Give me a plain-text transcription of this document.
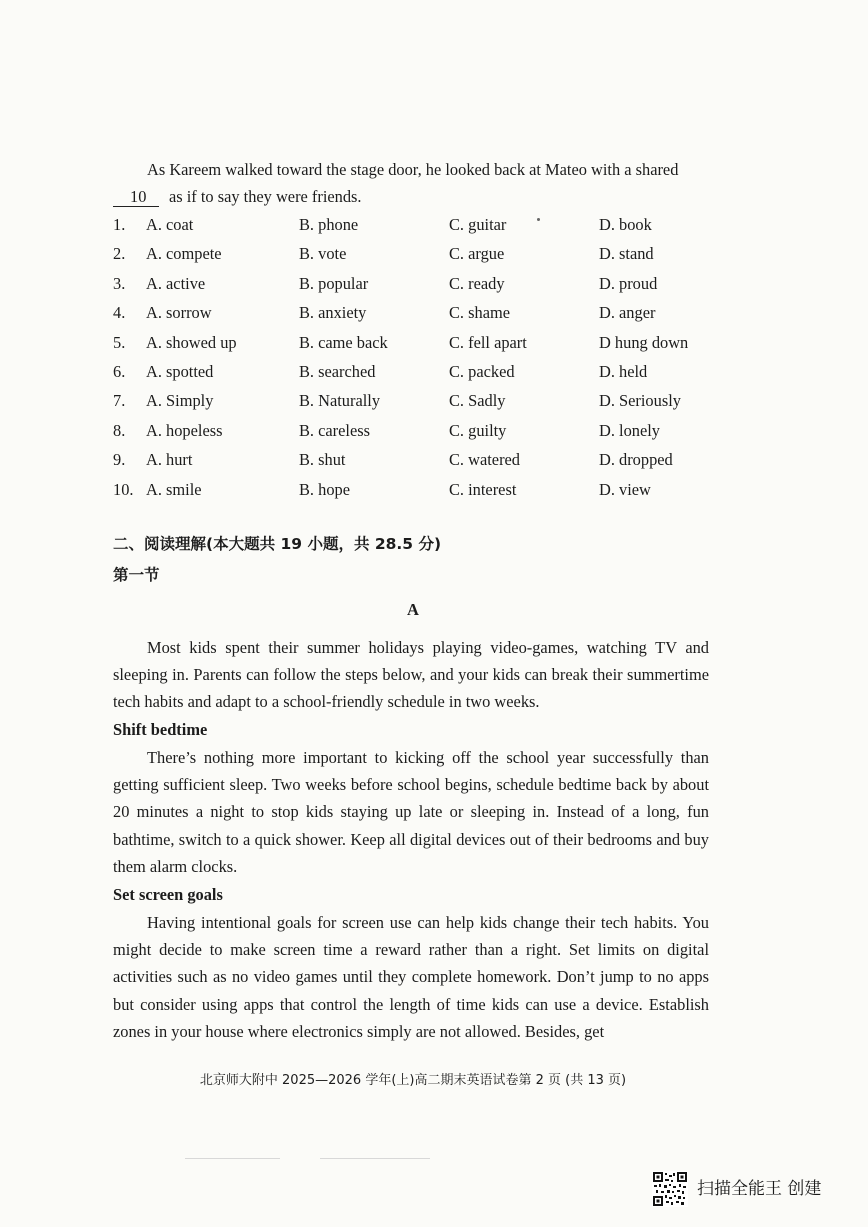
As Kareem walked toward the stage door, he looked back at Mateo with a shared
10 as if to say they were friends.
1. A. coat	B. phone	C. guitar	D. book
2. A. compete	B. vote	C. argue	D. stand
3. A. active	B. popular	C. ready	D. proud
4. A. sorrow	B. anxiety	C. shame	D. anger
5. A. showed up	B. came back	C. fell apart	D hung down
6. A. spotted	B. searched	C. packed	D. held
7. A. Simply	B. Naturally	C. Sadly	D. Seriously
8. A. hopeless	B. careless	C. guilty	D. lonely
9. A. hurt	B. shut	C. watered	D. dropped
10. A. smile	B. hope	C. interest	D. view
二、阅读理解(本大题共 19 小题，共 28.5 分)
第一节
A
Most kids spent their summer holidays playing video-games, watching TV and sleeping in. Parents can follow the steps below, and your kids can break their summertime tech habits and adapt to a school-friendly schedule in two weeks.
Shift bedtime
There’s nothing more important to kicking off the school year successfully than getting sufficient sleep. Two weeks before school begins, schedule bedtime back by about 20 minutes a night to stop kids staying up late or sleeping in. Instead of a long, fun bathtime, switch to a quick shower. Keep all digital devices out of their bedrooms and buy them alarm clocks.
Set screen goals
Having intentional goals for screen use can help kids change their tech habits. You might decide to make screen time a reward rather than a right. Set limits on digital activities such as no video games until they complete homework. Don’t jump to no apps but consider using apps that control the length of time kids can use a device. Establish zones in your house where electronics simply are not allowed. Besides, get
北京师大附中 2025—2026 学年(上)高二期末英语试卷第 2 页 (共 13 页)
扫描全能王 创建
